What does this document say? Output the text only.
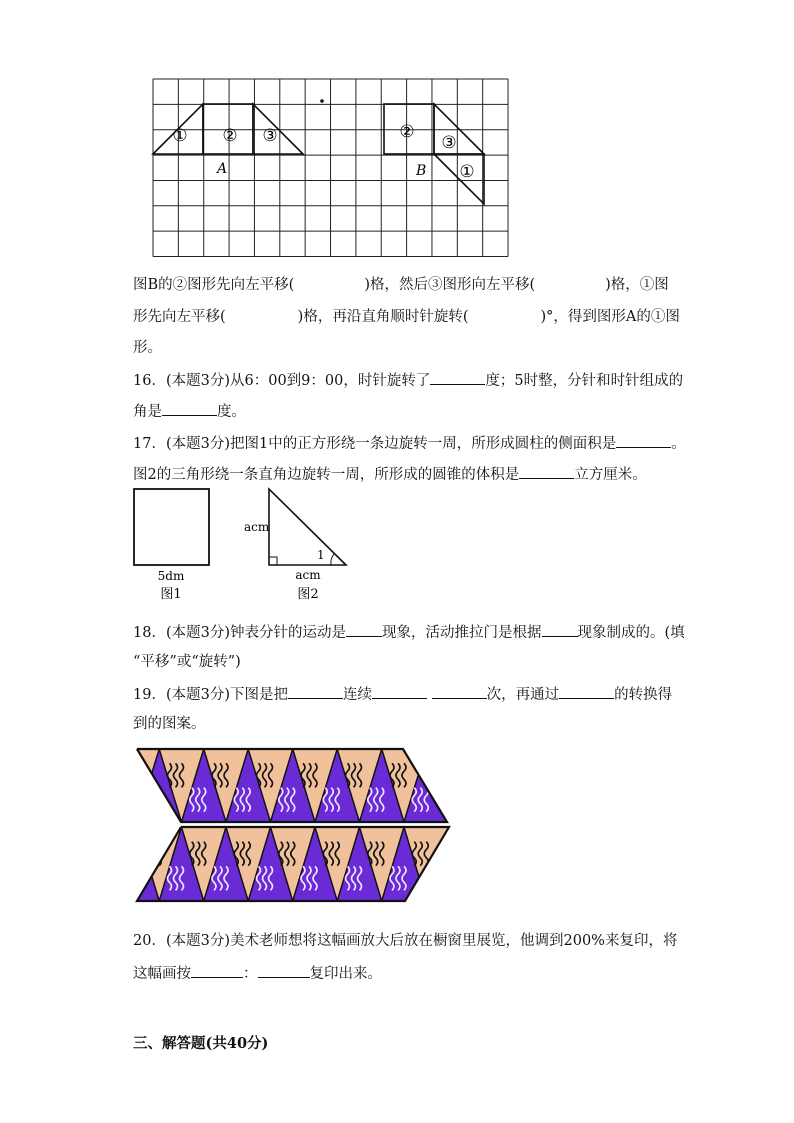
① ② ③
A
②
③
①
B
图B的②图形先向左平移(	)格，然后③图形向左平移(	)格，①图
形先向左平移(	)格，再沿直角顺时针旋转(	)°，得到图形A的①图
形。
16．(本题3分)从6：00到9：00，时针旋转了	度；5时整，分针和时针组成的
角是	度。
17．(本题3分)把图1中的正方形绕一条边旋转一周，所形成圆柱的侧面积是	。
图2的三角形绕一条直角边旋转一周，所形成的圆锥的体积是	立方厘米。
5dm
图1
1
acm
acm
图2
18．(本题3分)钟表分针的运动是 现象，活动推拉门是根据 现象制成的。(填
“平移”或“旋转”)
19．(本题3分)下图是把	连续	次，再通过	的转换得
到的图案。
20．(本题3分)美术老师想将这幅画放大后放在橱窗里展览，他调到200%来复印，将
这幅画按	：	复印出来。
三、解答题(共40分)
